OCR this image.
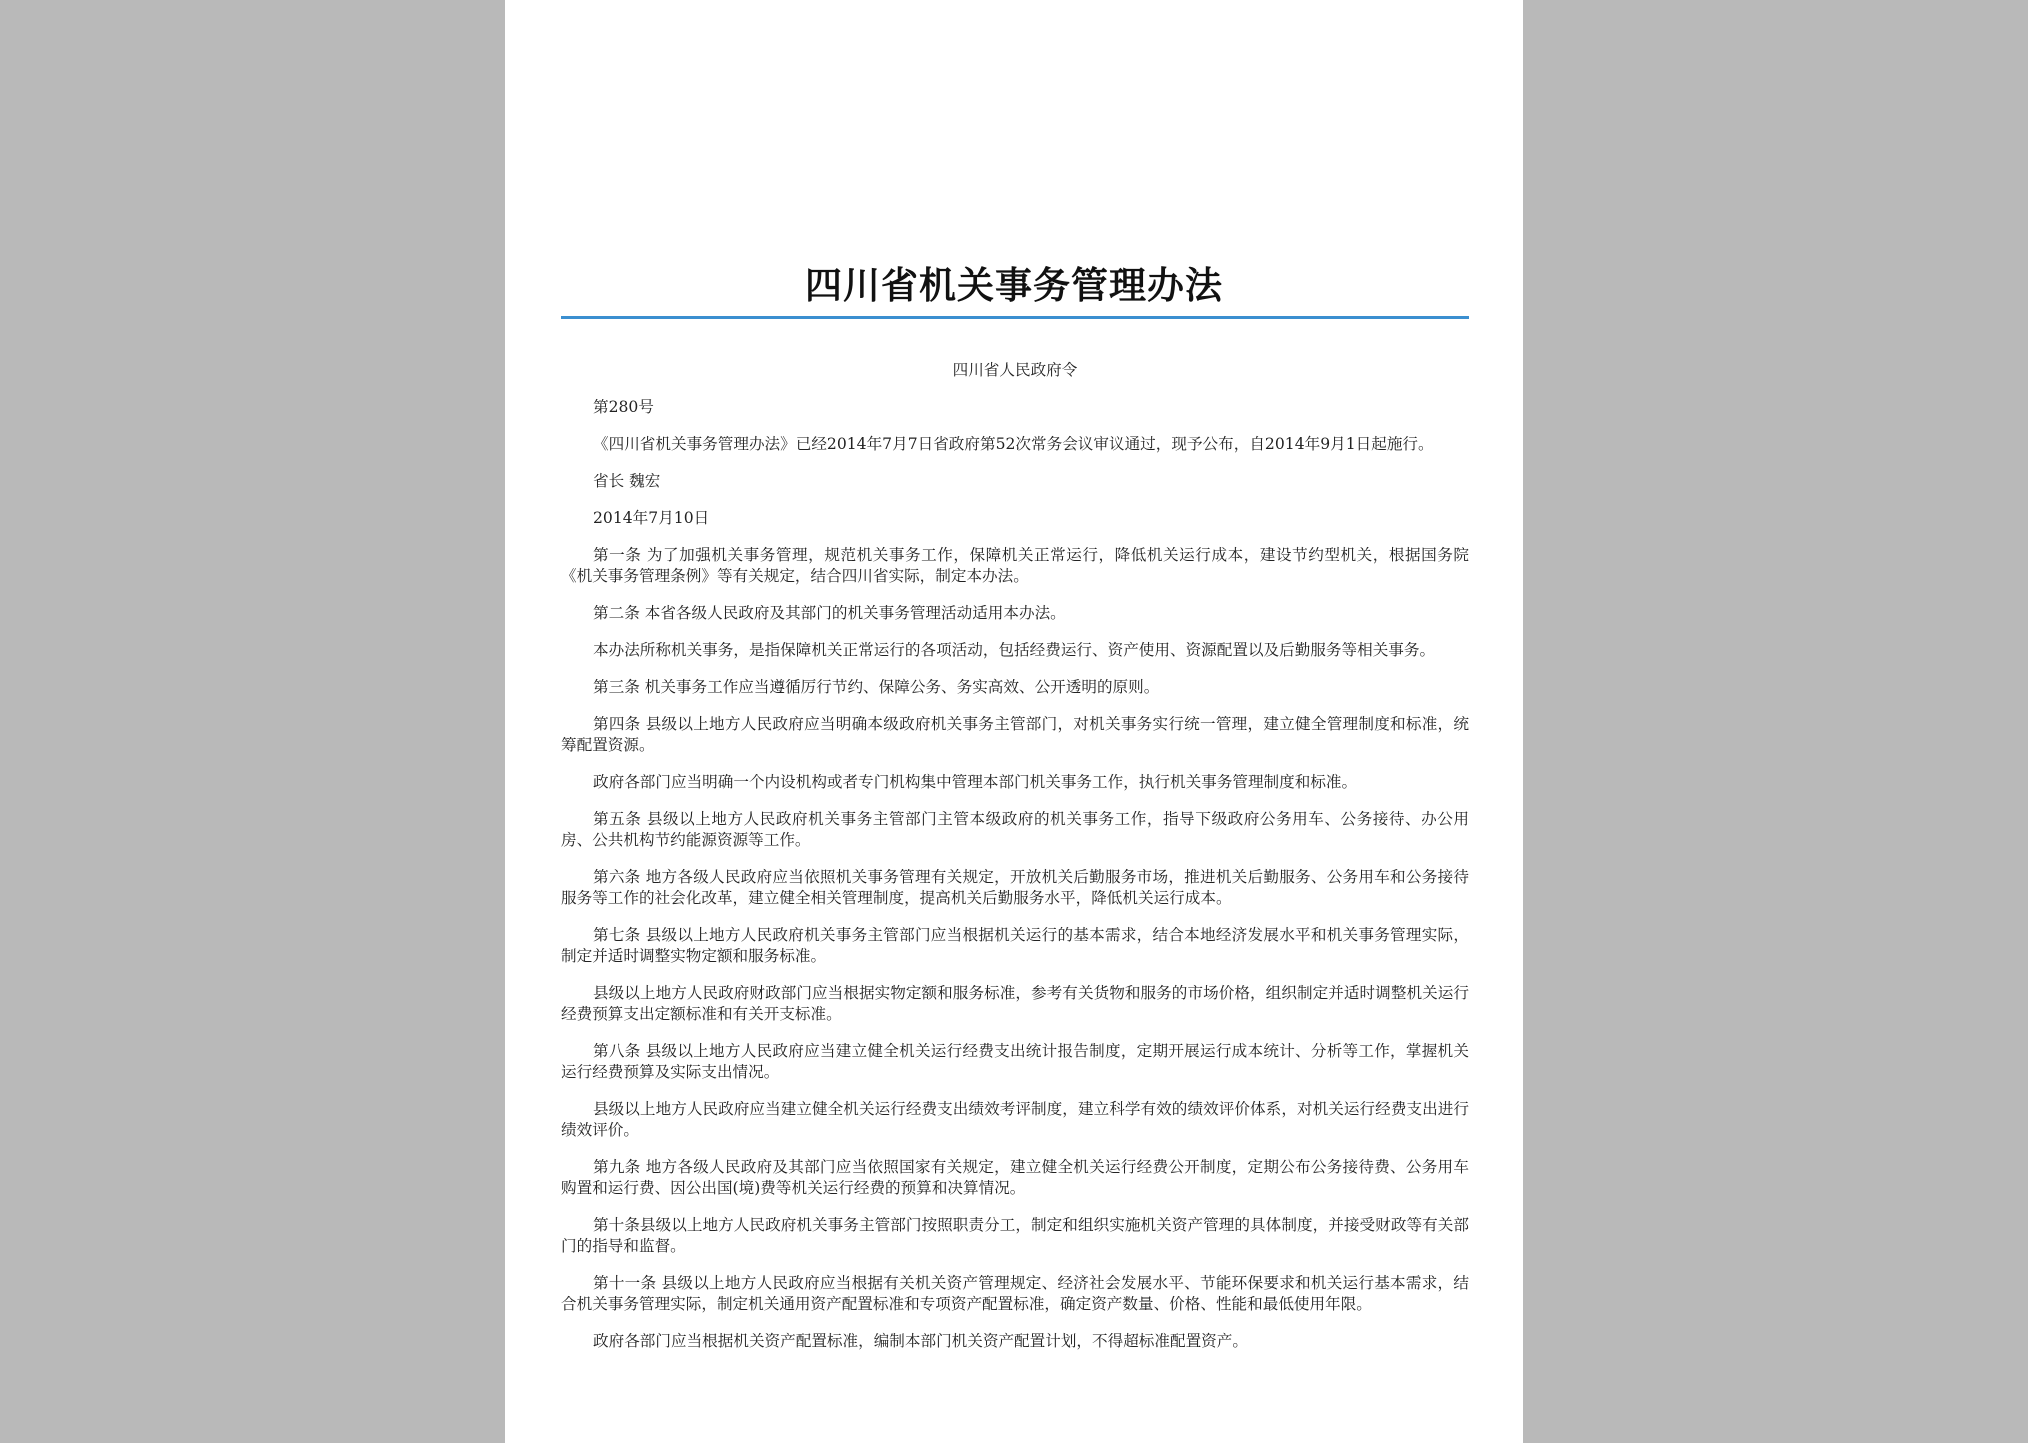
四川省机关事务管理办法

四川省人民政府令

第280号

《四川省机关事务管理办法》已经2014年7月7日省政府第52次常务会议审议通过，现予公布，自2014年9月1日起施行。

省长 魏宏

2014年7月10日

第一条 为了加强机关事务管理，规范机关事务工作，保障机关正常运行，降低机关运行成本，建设节约型机关，根据国务院《机关事务管理条例》等有关规定，结合四川省实际，制定本办法。

第二条 本省各级人民政府及其部门的机关事务管理活动适用本办法。

本办法所称机关事务，是指保障机关正常运行的各项活动，包括经费运行、资产使用、资源配置以及后勤服务等相关事务。

第三条 机关事务工作应当遵循厉行节约、保障公务、务实高效、公开透明的原则。

第四条 县级以上地方人民政府应当明确本级政府机关事务主管部门，对机关事务实行统一管理，建立健全管理制度和标准，统筹配置资源。

政府各部门应当明确一个内设机构或者专门机构集中管理本部门机关事务工作，执行机关事务管理制度和标准。

第五条 县级以上地方人民政府机关事务主管部门主管本级政府的机关事务工作，指导下级政府公务用车、公务接待、办公用房、公共机构节约能源资源等工作。

第六条 地方各级人民政府应当依照机关事务管理有关规定，开放机关后勤服务市场，推进机关后勤服务、公务用车和公务接待服务等工作的社会化改革，建立健全相关管理制度，提高机关后勤服务水平，降低机关运行成本。

第七条 县级以上地方人民政府机关事务主管部门应当根据机关运行的基本需求，结合本地经济发展水平和机关事务管理实际，制定并适时调整实物定额和服务标准。

县级以上地方人民政府财政部门应当根据实物定额和服务标准，参考有关货物和服务的市场价格，组织制定并适时调整机关运行经费预算支出定额标准和有关开支标准。

第八条 县级以上地方人民政府应当建立健全机关运行经费支出统计报告制度，定期开展运行成本统计、分析等工作，掌握机关运行经费预算及实际支出情况。

县级以上地方人民政府应当建立健全机关运行经费支出绩效考评制度，建立科学有效的绩效评价体系，对机关运行经费支出进行绩效评价。

第九条 地方各级人民政府及其部门应当依照国家有关规定，建立健全机关运行经费公开制度，定期公布公务接待费、公务用车购置和运行费、因公出国(境)费等机关运行经费的预算和决算情况。

第十条县级以上地方人民政府机关事务主管部门按照职责分工，制定和组织实施机关资产管理的具体制度，并接受财政等有关部门的指导和监督。

第十一条 县级以上地方人民政府应当根据有关机关资产管理规定、经济社会发展水平、节能环保要求和机关运行基本需求，结合机关事务管理实际，制定机关通用资产配置标准和专项资产配置标准，确定资产数量、价格、性能和最低使用年限。

政府各部门应当根据机关资产配置标准，编制本部门机关资产配置计划，不得超标准配置资产。
